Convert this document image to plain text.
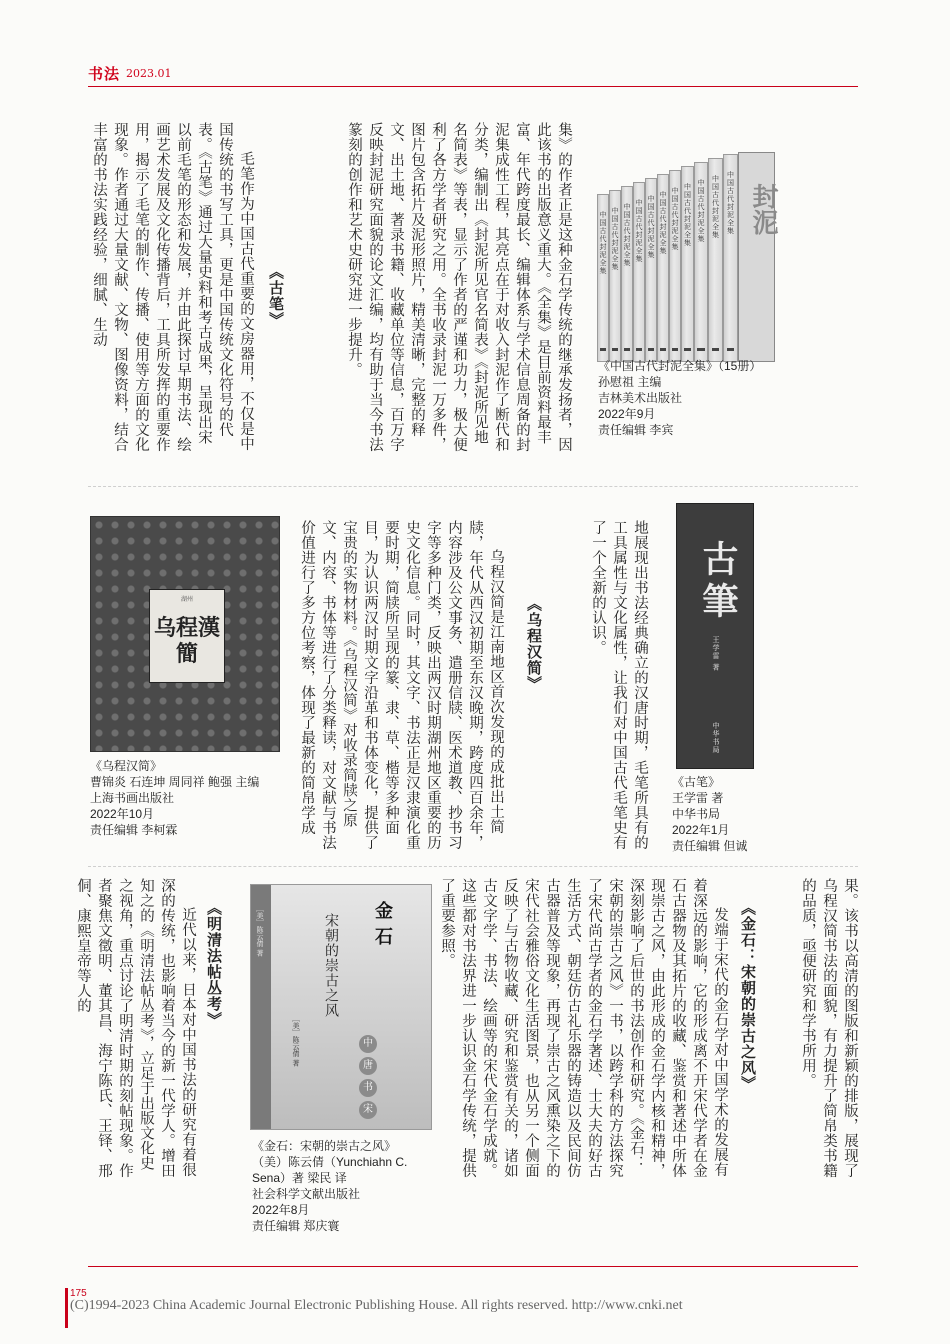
书法 2023.01
《古笔》

毛笔作为中国古代重要的文房器用，不仅是中国传统的书写工具，更是中国传统文化符号的代表。《古笔》通过大量史料和考古成果，呈现出宋以前毛笔的形态和发展，并由此探讨早期书法、绘画艺术发展及文化传播背后，工具所发挥的重要作用，揭示了毛笔的制作、传播、使用等方面的文化现象。作者通过大量文献、文物、图像资料，结合丰富的书法实践经验，细腻、生动	集》的作者正是这种金石学传统的继承发扬者，因此该书的出版意义重大。《全集》是目前资料最丰富、年代跨度最长、编辑体系与学术信息周备的封泥集成性工程，其亮点在于对收入封泥作了断代和分类，编制出《封泥所见官名简表》《封泥所见地名简表》等表，显示了作者的严谨和功力，极大便利了各方学者研究之用。全书收录封泥一万多件，图片包含拓片及泥形照片，精美清晰，完整的释文、出土地、著录书籍、收藏单位等信息，百万字反映封泥研究面貌的论文汇编，均有助于当今书法篆刻的创作和艺术史研究进一步提升。	中国古代封泥全集 中国古代封泥全集 中国古代封泥全集 中国古代封泥全集 中国古代封泥全集 中国古代封泥全集 中国古代封泥全集 中国古代封泥全集 中国古代封泥全集 中国古代封泥全集 中国古代封泥全集 封泥
《中国古代封泥全集》（15册）
孙慰祖 主编
吉林美术出版社
2022年9月
责任编辑 李宾
湖州
乌程漢簡
《乌程汉简》
曹锦炎 石连坤 周同祥 鲍强 主编
上海书画出版社
2022年10月
责任编辑 李柯霖	乌程汉简是江南地区首次发现的成批出土简牍，年代从西汉初期至东汉晚期，跨度四百余年，内容涉及公文事务、遣册信牍、医术道教、抄书习字等多种门类，反映出两汉时期湖州地区重要的历史文化信息。同时，其文字、书法正是汉隶演化重要时期，简牍所呈现的篆、隶、草、楷等多种面目，为认识两汉时期文字沿革和书体变化，提供了宝贵的实物材料。《乌程汉简》对收录简牍之原文、内容、书体等进行了分类释读，对文献与书法价值进行了多方位考察，体现了最新的简帛学成	《乌程汉简》	地展现出书法经典确立的汉唐时期，毛笔所具有的工具属性与文化属性，让我们对中国古代毛笔史有了一个全新的认识。	古筆
王学雷 著
中华书局
《古笔》
王学雷 著
中华书局
2022年1月
责任编辑 但诚

果。该书以高清的图版和新颖的排版，展现了乌程汉简书法的面貌，有力提升了简帛类书籍的品质，亟便研究和学书所用。

《金石：宋朝的崇古之风》

发端于宋代的金石学对中国学术的发展有着深远的影响，它的形成离不开宋代学者在金石古器物及其拓片的收藏、鉴赏和著述中所体现崇古之风，由此形成的金石学内核和精神，深刻影响了后世的书法创作和研究。《金石：宋朝的崇古之风》一书，以跨学科的方法探究了宋代尚古学者的金石学著述、士大夫的好古生活方式、朝廷仿古礼乐器的铸造以及民间仿古器普及等现象，再现了崇古之风熏染之下的宋代社会雅俗文化生活图景，也从另一个侧面反映了与古物收藏、研究和鉴赏有关的，诸如古文字学、书法、绘画等的宋代金石学成就。这些都对书法界进一步认识金石学传统，提供了重要参照。

［美］陈云倩 著	金石
宋朝的崇古之风
［美］陈云倩 著	中
唐
书
宋
《金石：宋朝的崇古之风》
（美）陈云倩（Yunchiahn C. Sena）著 梁民 译
社会科学文献出版社
2022年8月
责任编辑 郑庆寰
《明清法帖丛考》

近代以来，日本对中国书法的研究有着很深的传统，也影响着当今的新一代学人。增田知之的《明清法帖丛考》，立足于出版文化史之视角，重点讨论了明清时期的刻帖现象。作者聚焦文徵明、董其昌、海宁陈氏、王铎、邢侗、康熙皇帝等人的

175
(C)1994-2023 China Academic Journal Electronic Publishing House. All rights reserved. http://www.cnki.net
